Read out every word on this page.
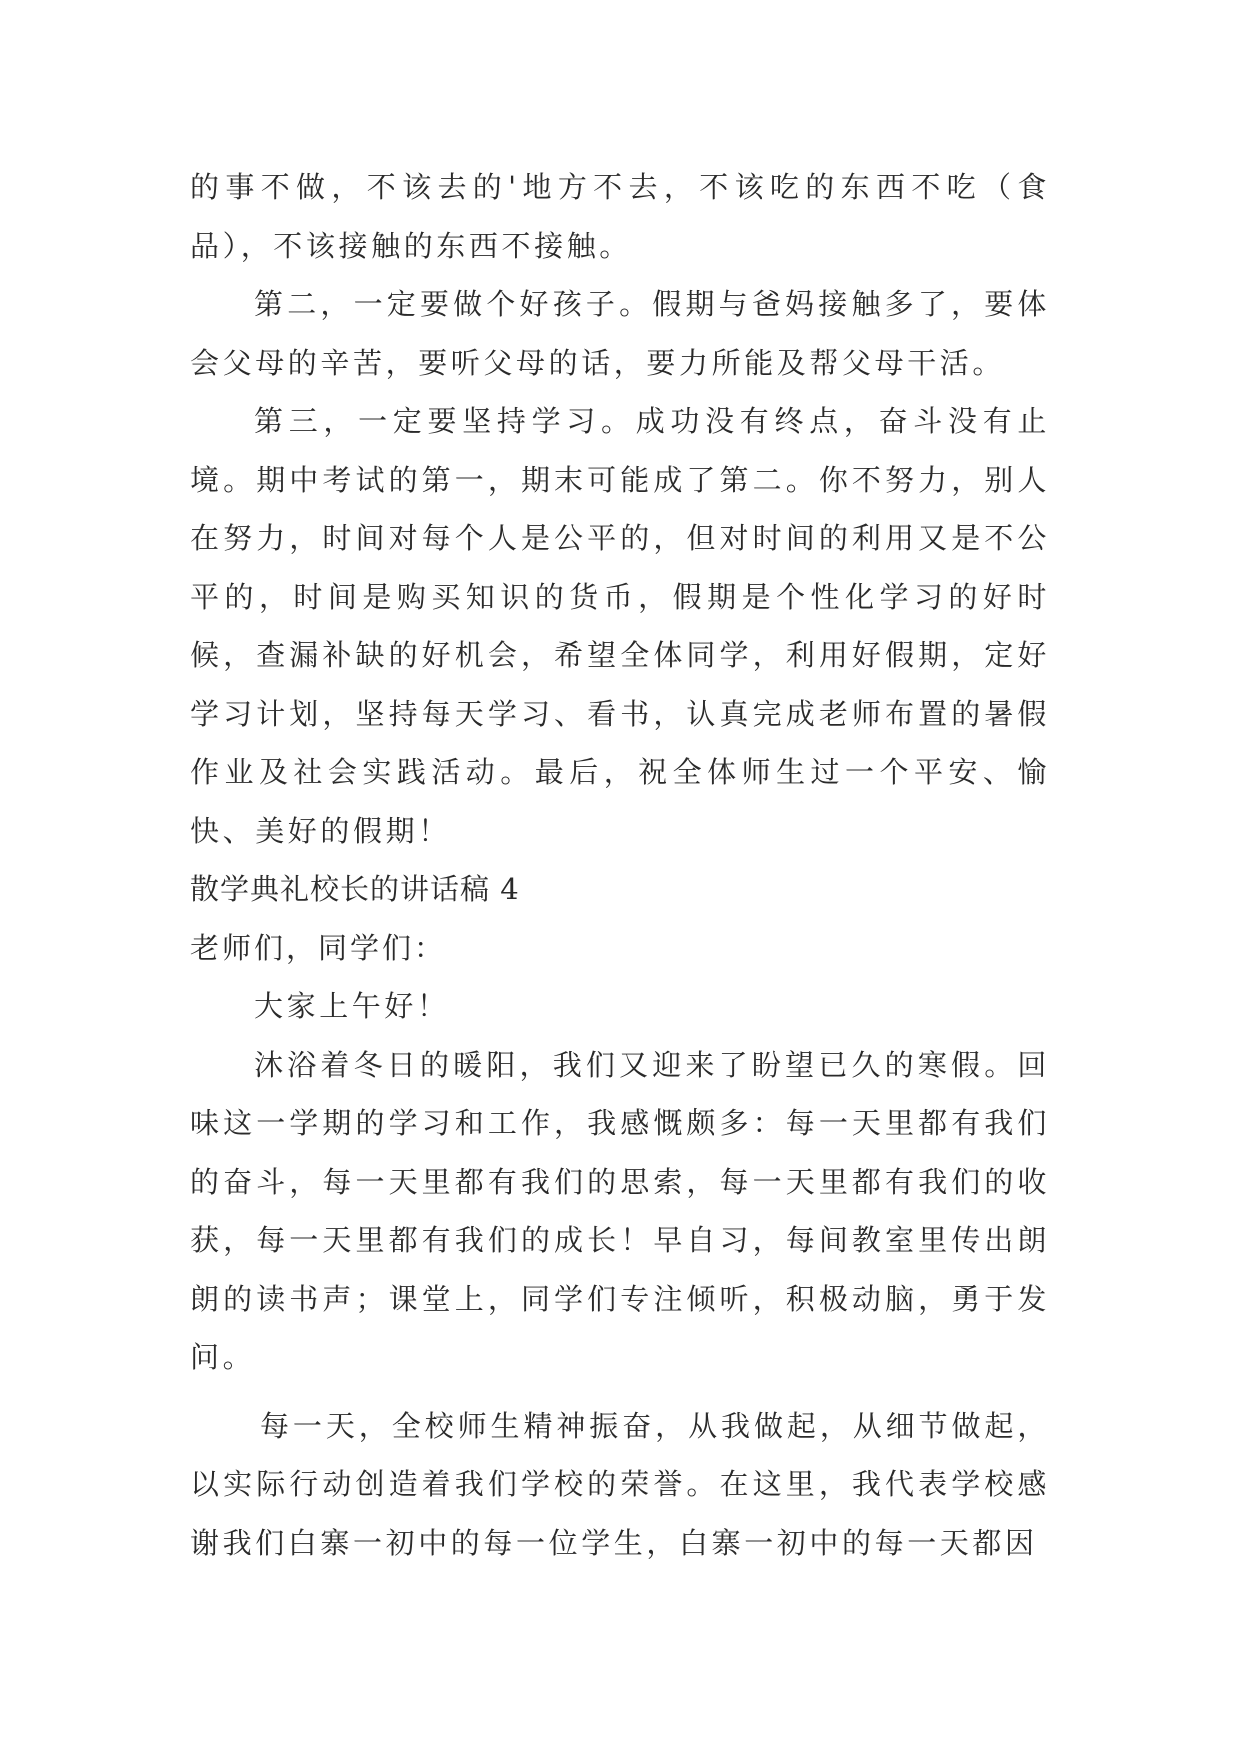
的事不做，不该去的'地方不去，不该吃的东西不吃（食品），不该接触的东西不接触。

第二，一定要做个好孩子。假期与爸妈接触多了，要体会父母的辛苦，要听父母的话，要力所能及帮父母干活。

第三，一定要坚持学习。成功没有终点，奋斗没有止境。期中考试的第一，期末可能成了第二。你不努力，别人在努力，时间对每个人是公平的，但对时间的利用又是不公平的，时间是购买知识的货币，假期是个性化学习的好时候，查漏补缺的好机会，希望全体同学，利用好假期，定好学习计划，坚持每天学习、看书，认真完成老师布置的暑假作业及社会实践活动。最后，祝全体师生过一个平安、愉快、美好的假期！

散学典礼校长的讲话稿 4

老师们，同学们：

大家上午好！

沐浴着冬日的暖阳，我们又迎来了盼望已久的寒假。回味这一学期的学习和工作，我感慨颇多：每一天里都有我们的奋斗，每一天里都有我们的思索，每一天里都有我们的收获，每一天里都有我们的成长！早自习，每间教室里传出朗朗的读书声；课堂上，同学们专注倾听，积极动脑，勇于发问。

每一天，全校师生精神振奋，从我做起，从细节做起，以实际行动创造着我们学校的荣誉。在这里，我代表学校感谢我们白寨一初中的每一位学生，白寨一初中的每一天都因
